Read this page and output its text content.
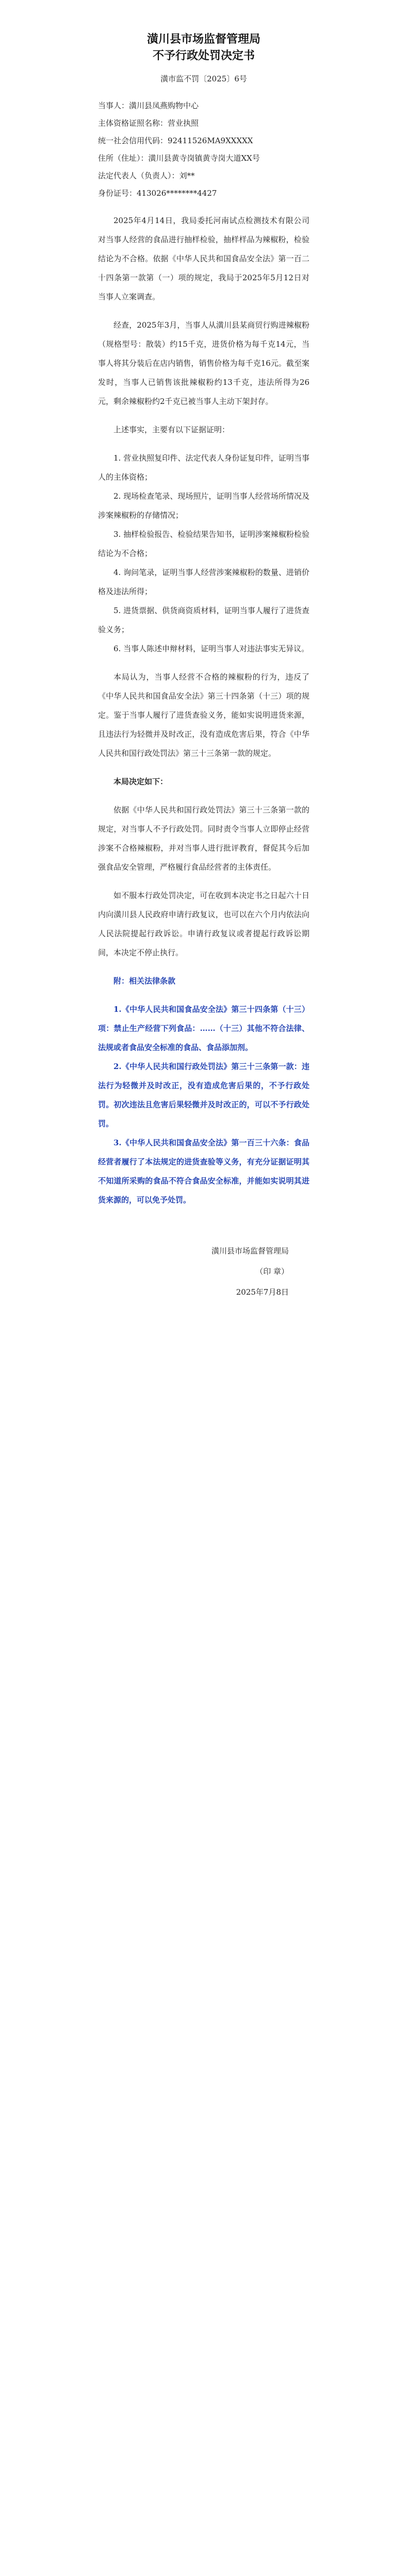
潢川县市场监督管理局
不予行政处罚决定书
潢市监不罚〔2025〕6号

当事人：潢川县凤燕购物中心

主体资格证照名称：营业执照

统一社会信用代码：92411526MA9XXXXX

住所（住址）：潢川县黄寺岗镇黄寺岗大道XX号

法定代表人（负责人）：刘**

身份证号：413026********4427

2025年4月14日，我局委托河南试点检测技术有限公司对当事人经营的食品进行抽样检验，抽样样品为辣椒粉，检验结论为不合格。依据《中华人民共和国食品安全法》第一百二十四条第一款第（一）项的规定，我局于2025年5月12日对当事人立案调查。

经查，2025年3月，当事人从潢川县某商贸行购进辣椒粉（规格型号：散装）约15千克，进货价格为每千克14元，当事人将其分装后在店内销售，销售价格为每千克16元。截至案发时，当事人已销售该批辣椒粉约13千克，违法所得为26元，剩余辣椒粉约2千克已被当事人主动下架封存。

上述事实，主要有以下证据证明：

1. 营业执照复印件、法定代表人身份证复印件，证明当事人的主体资格；
2. 现场检查笔录、现场照片，证明当事人经营场所情况及涉案辣椒粉的存储情况；
3. 抽样检验报告、检验结果告知书，证明涉案辣椒粉检验结论为不合格；
4. 询问笔录，证明当事人经营涉案辣椒粉的数量、进销价格及违法所得；
5. 进货票据、供货商资质材料，证明当事人履行了进货查验义务；
6. 当事人陈述申辩材料，证明当事人对违法事实无异议。

本局认为，当事人经营不合格的辣椒粉的行为，违反了《中华人民共和国食品安全法》第三十四条第（十三）项的规定。鉴于当事人履行了进货查验义务，能如实说明进货来源，且违法行为轻微并及时改正，没有造成危害后果，符合《中华人民共和国行政处罚法》第三十三条第一款的规定。

本局决定如下：

依据《中华人民共和国行政处罚法》第三十三条第一款的规定，对当事人不予行政处罚。同时责令当事人立即停止经营涉案不合格辣椒粉，并对当事人进行批评教育，督促其今后加强食品安全管理，严格履行食品经营者的主体责任。

如不服本行政处罚决定，可在收到本决定书之日起六十日内向潢川县人民政府申请行政复议，也可以在六个月内依法向人民法院提起行政诉讼。申请行政复议或者提起行政诉讼期间，本决定不停止执行。

附：相关法律条款

1.《中华人民共和国食品安全法》第三十四条第（十三）项：禁止生产经营下列食品：……（十三）其他不符合法律、法规或者食品安全标准的食品、食品添加剂。
2.《中华人民共和国行政处罚法》第三十三条第一款：违法行为轻微并及时改正，没有造成危害后果的，不予行政处罚。初次违法且危害后果轻微并及时改正的，可以不予行政处罚。
3.《中华人民共和国食品安全法》第一百三十六条：食品经营者履行了本法规定的进货查验等义务，有充分证据证明其不知道所采购的食品不符合食品安全标准，并能如实说明其进货来源的，可以免予处罚。
潢川县市场监督管理局
（印 章）
2025年7月8日
